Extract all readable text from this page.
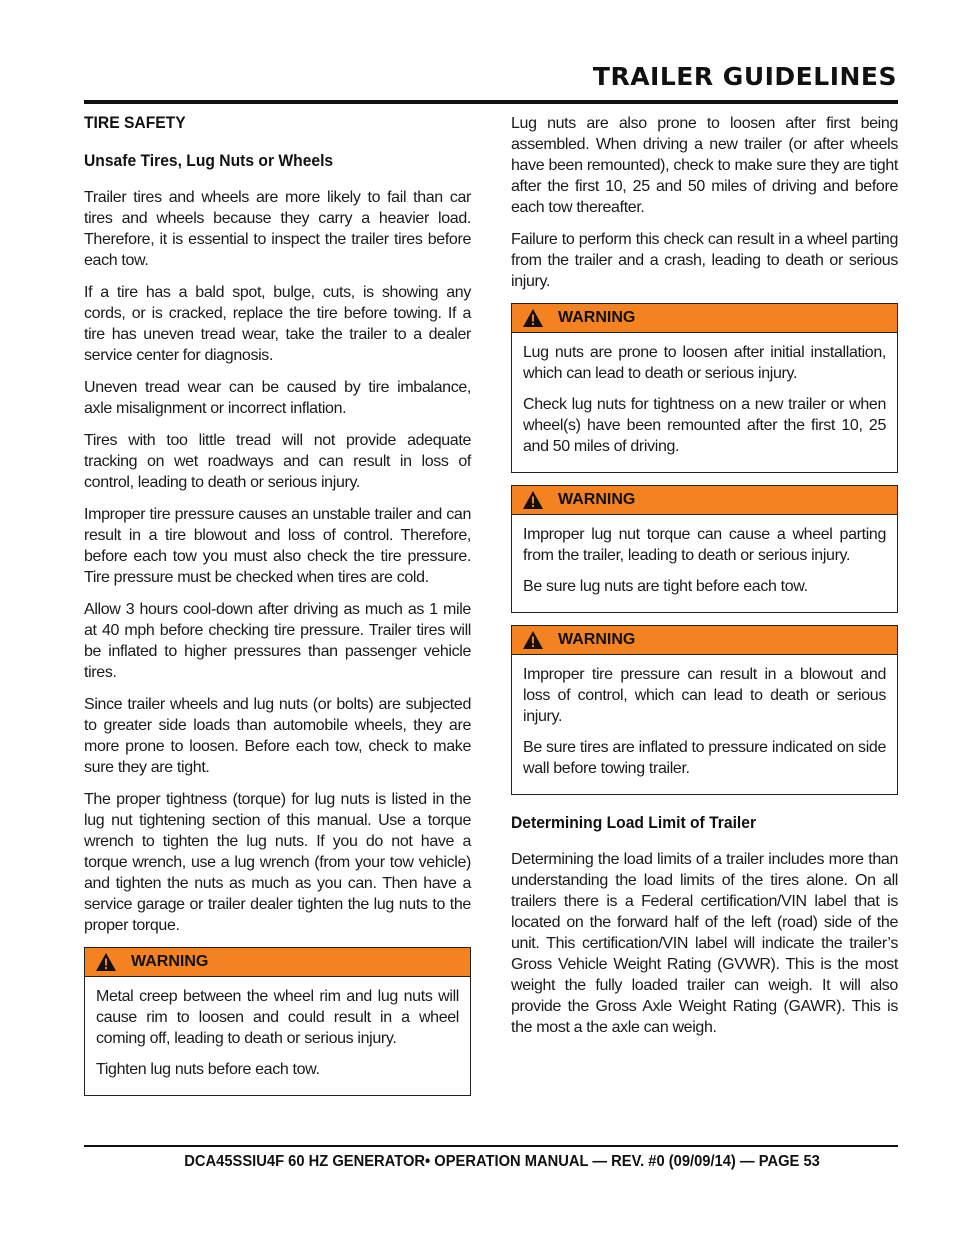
TRAILER GUIDELINES
TIRE SAFETY
Unsafe Tires, Lug Nuts or Wheels

Trailer tires and wheels are more likely to fail than car tires and wheels because they carry a heavier load. Therefore, it is essential to inspect the trailer tires before each tow.

If a tire has a bald spot, bulge, cuts, is showing any cords, or is cracked, replace the tire before towing. If a tire has uneven tread wear, take the trailer to a dealer service center for diagnosis.

Uneven tread wear can be caused by tire imbalance, axle misalignment or incorrect inflation.

Tires with too little tread will not provide adequate tracking on wet roadways and can result in loss of control, leading to death or serious injury.

Improper tire pressure causes an unstable trailer and can result in a tire blowout and loss of control. Therefore, before each tow you must also check the tire pressure. Tire pressure must be checked when tires are cold.

Allow 3 hours cool-down after driving as much as 1 mile at 40 mph before checking tire pressure. Trailer tires will be inflated to higher pressures than passenger vehicle tires.

Since trailer wheels and lug nuts (or bolts) are subjected to greater side loads than automobile wheels, they are more prone to loosen. Before each tow, check to make sure they are tight.

The proper tightness (torque) for lug nuts is listed in the lug nut tightening section of this manual. Use a torque wrench to tighten the lug nuts. If you do not have a torque wrench, use a lug wrench (from your tow vehicle) and tighten the nuts as much as you can. Then have a service garage or trailer dealer tighten the lug nuts to the proper torque.

WARNING

Metal creep between the wheel rim and lug nuts will cause rim to loosen and could result in a wheel coming off, leading to death or serious injury.

Tighten lug nuts before each tow.

Lug nuts are also prone to loosen after first being assembled. When driving a new trailer (or after wheels have been remounted), check to make sure they are tight after the first 10, 25 and 50 miles of driving and before each tow thereafter.

Failure to perform this check can result in a wheel parting from the trailer and a crash, leading to death or serious injury.

WARNING

Lug nuts are prone to loosen after initial installation, which can lead to death or serious injury.

Check lug nuts for tightness on a new trailer or when wheel(s) have been remounted after the first 10, 25 and 50 miles of driving.

WARNING

Improper lug nut torque can cause a wheel parting from the trailer, leading to death or serious injury.

Be sure lug nuts are tight before each tow.

WARNING

Improper tire pressure can result in a blowout and loss of control, which can lead to death or serious injury.

Be sure tires are inflated to pressure indicated on side wall before towing trailer.

Determining Load Limit of Trailer

Determining the load limits of a trailer includes more than understanding the load limits of the tires alone. On all trailers there is a Federal certification/VIN label that is located on the forward half of the left (road) side of the unit. This certification/VIN label will indicate the trailer’s Gross Vehicle Weight Rating (GVWR). This is the most weight the fully loaded trailer can weigh. It will also provide the Gross Axle Weight Rating (GAWR). This is the most a the axle can weigh.

DCA45SSIU4F 60 HZ GENERATOR• OPERATION MANUAL — REV. #0 (09/09/14) — PAGE 53
